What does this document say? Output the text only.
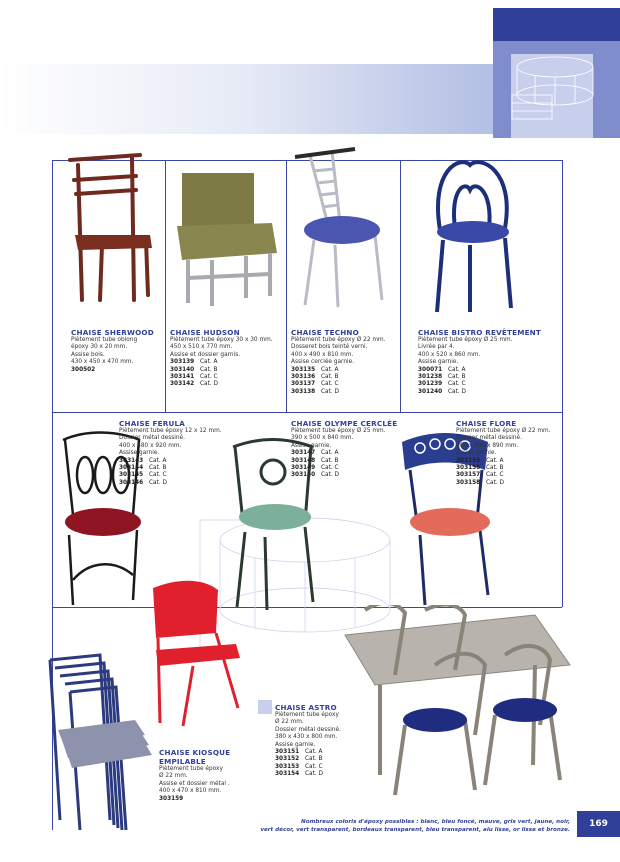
CHAISE SHERWOOD
Piètement tube oblong
époxy 30 x 20 mm.
Assise bois.
430 x 450 x 470 mm.
300502
CHAISE HUDSON
Piètement tube époxy 30 x 30 mm.
450 x 510 x 770 mm.
Assise et dossier garnis.
303139 Cat. A
303140 Cat. B
303141 Cat. C
303142 Cat. D
CHAISE TECHNO
Piètement tube époxy Ø 22 mm.
Dosseret bois teinté verni.
400 x 490 x 810 mm.
Assise cerclée garnie.
303135 Cat. A
303136 Cat. B
303137 Cat. C
303138 Cat. D
CHAISE BISTRO REVÊTEMENT
Piètement tube époxy Ø 25 mm.
Livrée par 4.
400 x 520 x 860 mm.
Assise garnie.
300071 Cat. A
301238 Cat. B
301239 Cat. C
301240 Cat. D
CHAISE FERULA
Piètement tube époxy 12 x 12 mm.
Dossier métal dessiné.
400 x 480 x 920 mm.
Assise garnie.
303143 Cat. A
303144 Cat. B
303145 Cat. C
303146 Cat. D
CHAISE OLYMPE CERCLÉE
Piètement tube époxy Ø 25 mm.
390 x 500 x 840 mm.
Assise garnie.
303147 Cat. A
303148 Cat. B
303149 Cat. C
303150 Cat. D
CHAISE FLORE
Piètement tube époxy Ø 22 mm.
Dossier métal dessiné.
400 x 490 x 890 mm.
Assise garnie.
303155 Cat. A
303156 Cat. B
303157 Cat. C
303158 Cat. D
CHAISE KIOSQUE
EMPILABLE
Piètement tube époxy
Ø 22 mm.
Assise et dossier métal .
400 x 470 x 810 mm.
303159
CHAISE ASTRO
Piètement tube époxy
Ø 22 mm.
Dossier métal dessiné.
380 x 430 x 800 mm.
Assise garnie.
303151 Cat. A
303152 Cat. B
303153 Cat. C
303154 Cat. D
Nombreux coloris d'époxy possibles : blanc, bleu foncé, mauve, gris vert, jaune, noir,
vert décor, vert transparent, bordeaux transparent, bleu transparent, alu lisse, or lisse et bronze.
169
